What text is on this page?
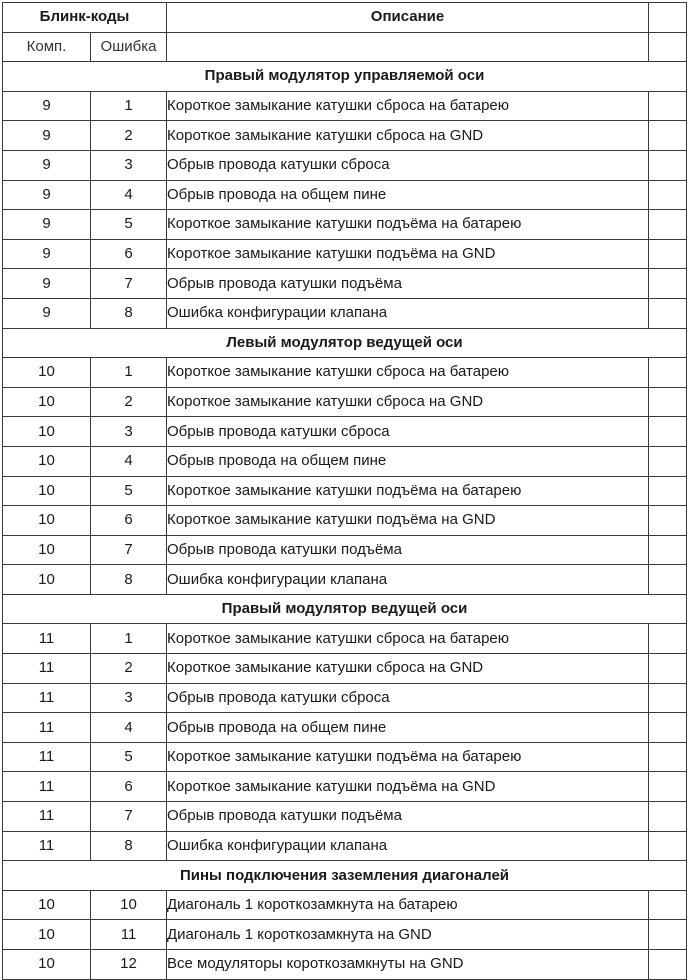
Блинк-коды		Описание	
Комп.	Ошибка		
Правый модулятор управляемой оси			
9	1	Короткое замыкание катушки сброса на батарею	
9	2	Короткое замыкание катушки сброса на GND	
9	3	Обрыв провода катушки сброса	
9	4	Обрыв провода на общем пине	
9	5	Короткое замыкание катушки подъёма на батарею	
9	6	Короткое замыкание катушки подъёма на GND	
9	7	Обрыв провода катушки подъёма	
9	8	Ошибка конфигурации клапана	
Левый модулятор ведущей оси			
10	1	Короткое замыкание катушки сброса на батарею	
10	2	Короткое замыкание катушки сброса на GND	
10	3	Обрыв провода катушки сброса	
10	4	Обрыв провода на общем пине	
10	5	Короткое замыкание катушки подъёма на батарею	
10	6	Короткое замыкание катушки подъёма на GND	
10	7	Обрыв провода катушки подъёма	
10	8	Ошибка конфигурации клапана	
Правый модулятор ведущей оси			
11	1	Короткое замыкание катушки сброса на батарею	
11	2	Короткое замыкание катушки сброса на GND	
11	3	Обрыв провода катушки сброса	
11	4	Обрыв провода на общем пине	
11	5	Короткое замыкание катушки подъёма на батарею	
11	6	Короткое замыкание катушки подъёма на GND	
11	7	Обрыв провода катушки подъёма	
11	8	Ошибка конфигурации клапана	
Пины подключения заземления диагоналей			
10	10	Диагональ 1 короткозамкнута на батарею	
10	11	Диагональ 1 короткозамкнута на GND	
10	12	Все модуляторы короткозамкнуты на GND	
